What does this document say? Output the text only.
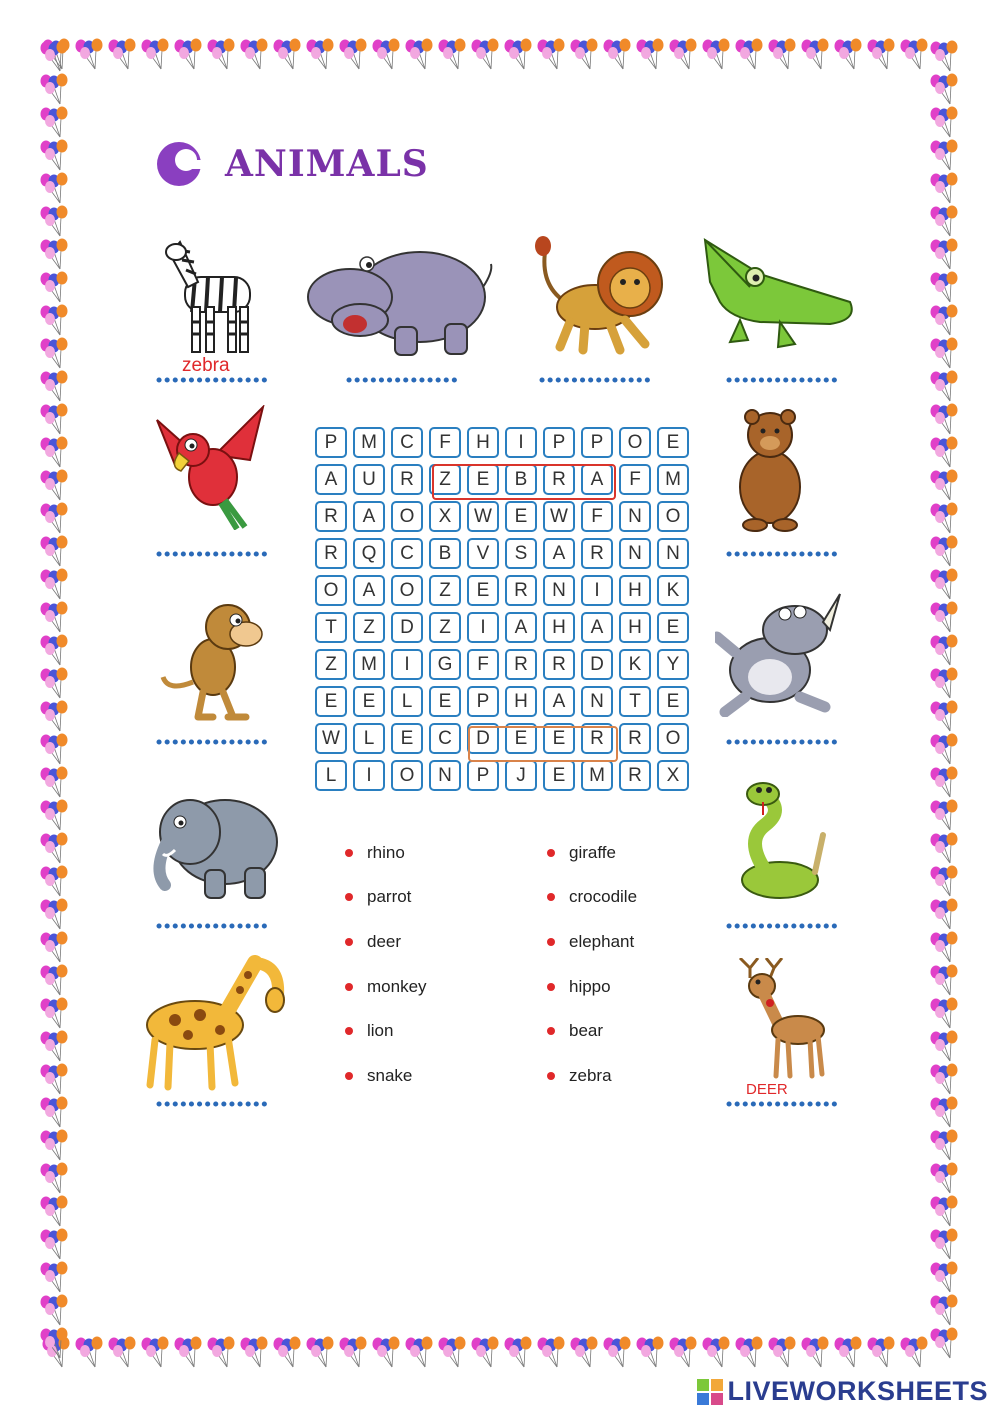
ANIMALS
zebra
DEER
P	M	C	F	H	I	P	P	O	E
A	U	R	Z	E	B	R	A	F	M
R	A	O	X	W	E	W	F	N	O
R	Q	C	B	V	S	A	R	N	N
O	A	O	Z	E	R	N	I	H	K
T	Z	D	Z	I	A	H	A	H	E
Z	M	I	G	F	R	R	D	K	Y
E	E	L	E	P	H	A	N	T	E
W	L	E	C	D	E	E	R	R	O
L	I	O	N	P	J	E	M	R	X
rhino
parrot
deer
monkey
lion
snake
giraffe
crocodile
elephant
hippo
bear
zebra
LIVEWORKSHEETS
